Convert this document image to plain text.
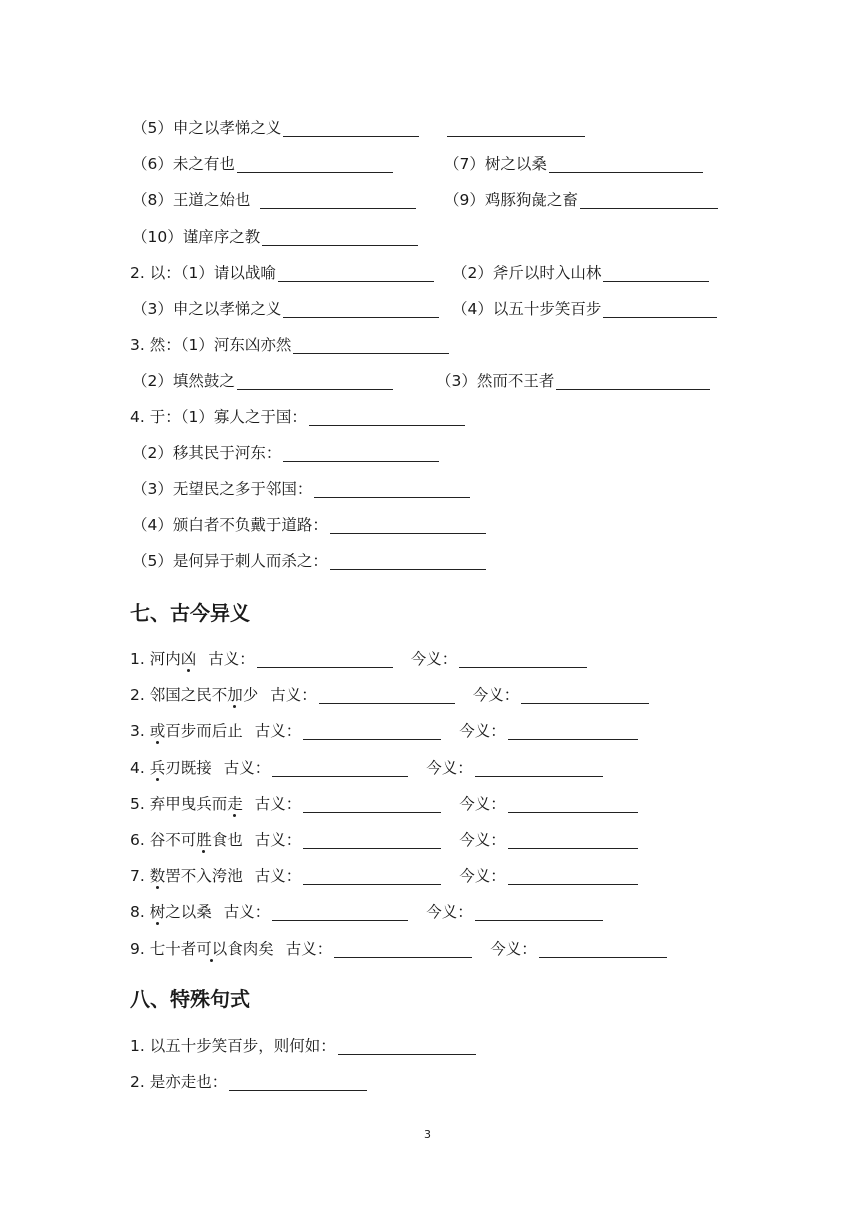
（5）申之以孝悌之义
（6）未之有也	（7）树之以桑
（8）王道之始也	（9）鸡豚狗彘之畜
（10）谨庠序之教
2. 以：（1）请以战喻	（2）斧斤以时入山林
（3）申之以孝悌之义	（4）以五十步笑百步
3. 然：（1）河东凶亦然
（2）填然鼓之	（3）然而不王者
4. 于：（1）寡人之于国：
（2）移其民于河东：
（3）无望民之多于邻国：
（4）颁白者不负戴于道路：
（5）是何异于刺人而杀之：
七、古今异义
1. 河内凶 古义：	今义：
2. 邻国之民不加少 古义：	今义：
3. 或百步而后止 古义：	今义：
4. 兵刃既接 古义：	今义：
5. 弃甲曳兵而走 古义：	今义：
6. 谷不可胜食也 古义：	今义：
7. 数罟不入洿池 古义：	今义：
8. 树之以桑 古义：	今义：
9. 七十者可以食肉矣 古义：	今义：
八、特殊句式
1. 以五十步笑百步，则何如：
2. 是亦走也：
3
